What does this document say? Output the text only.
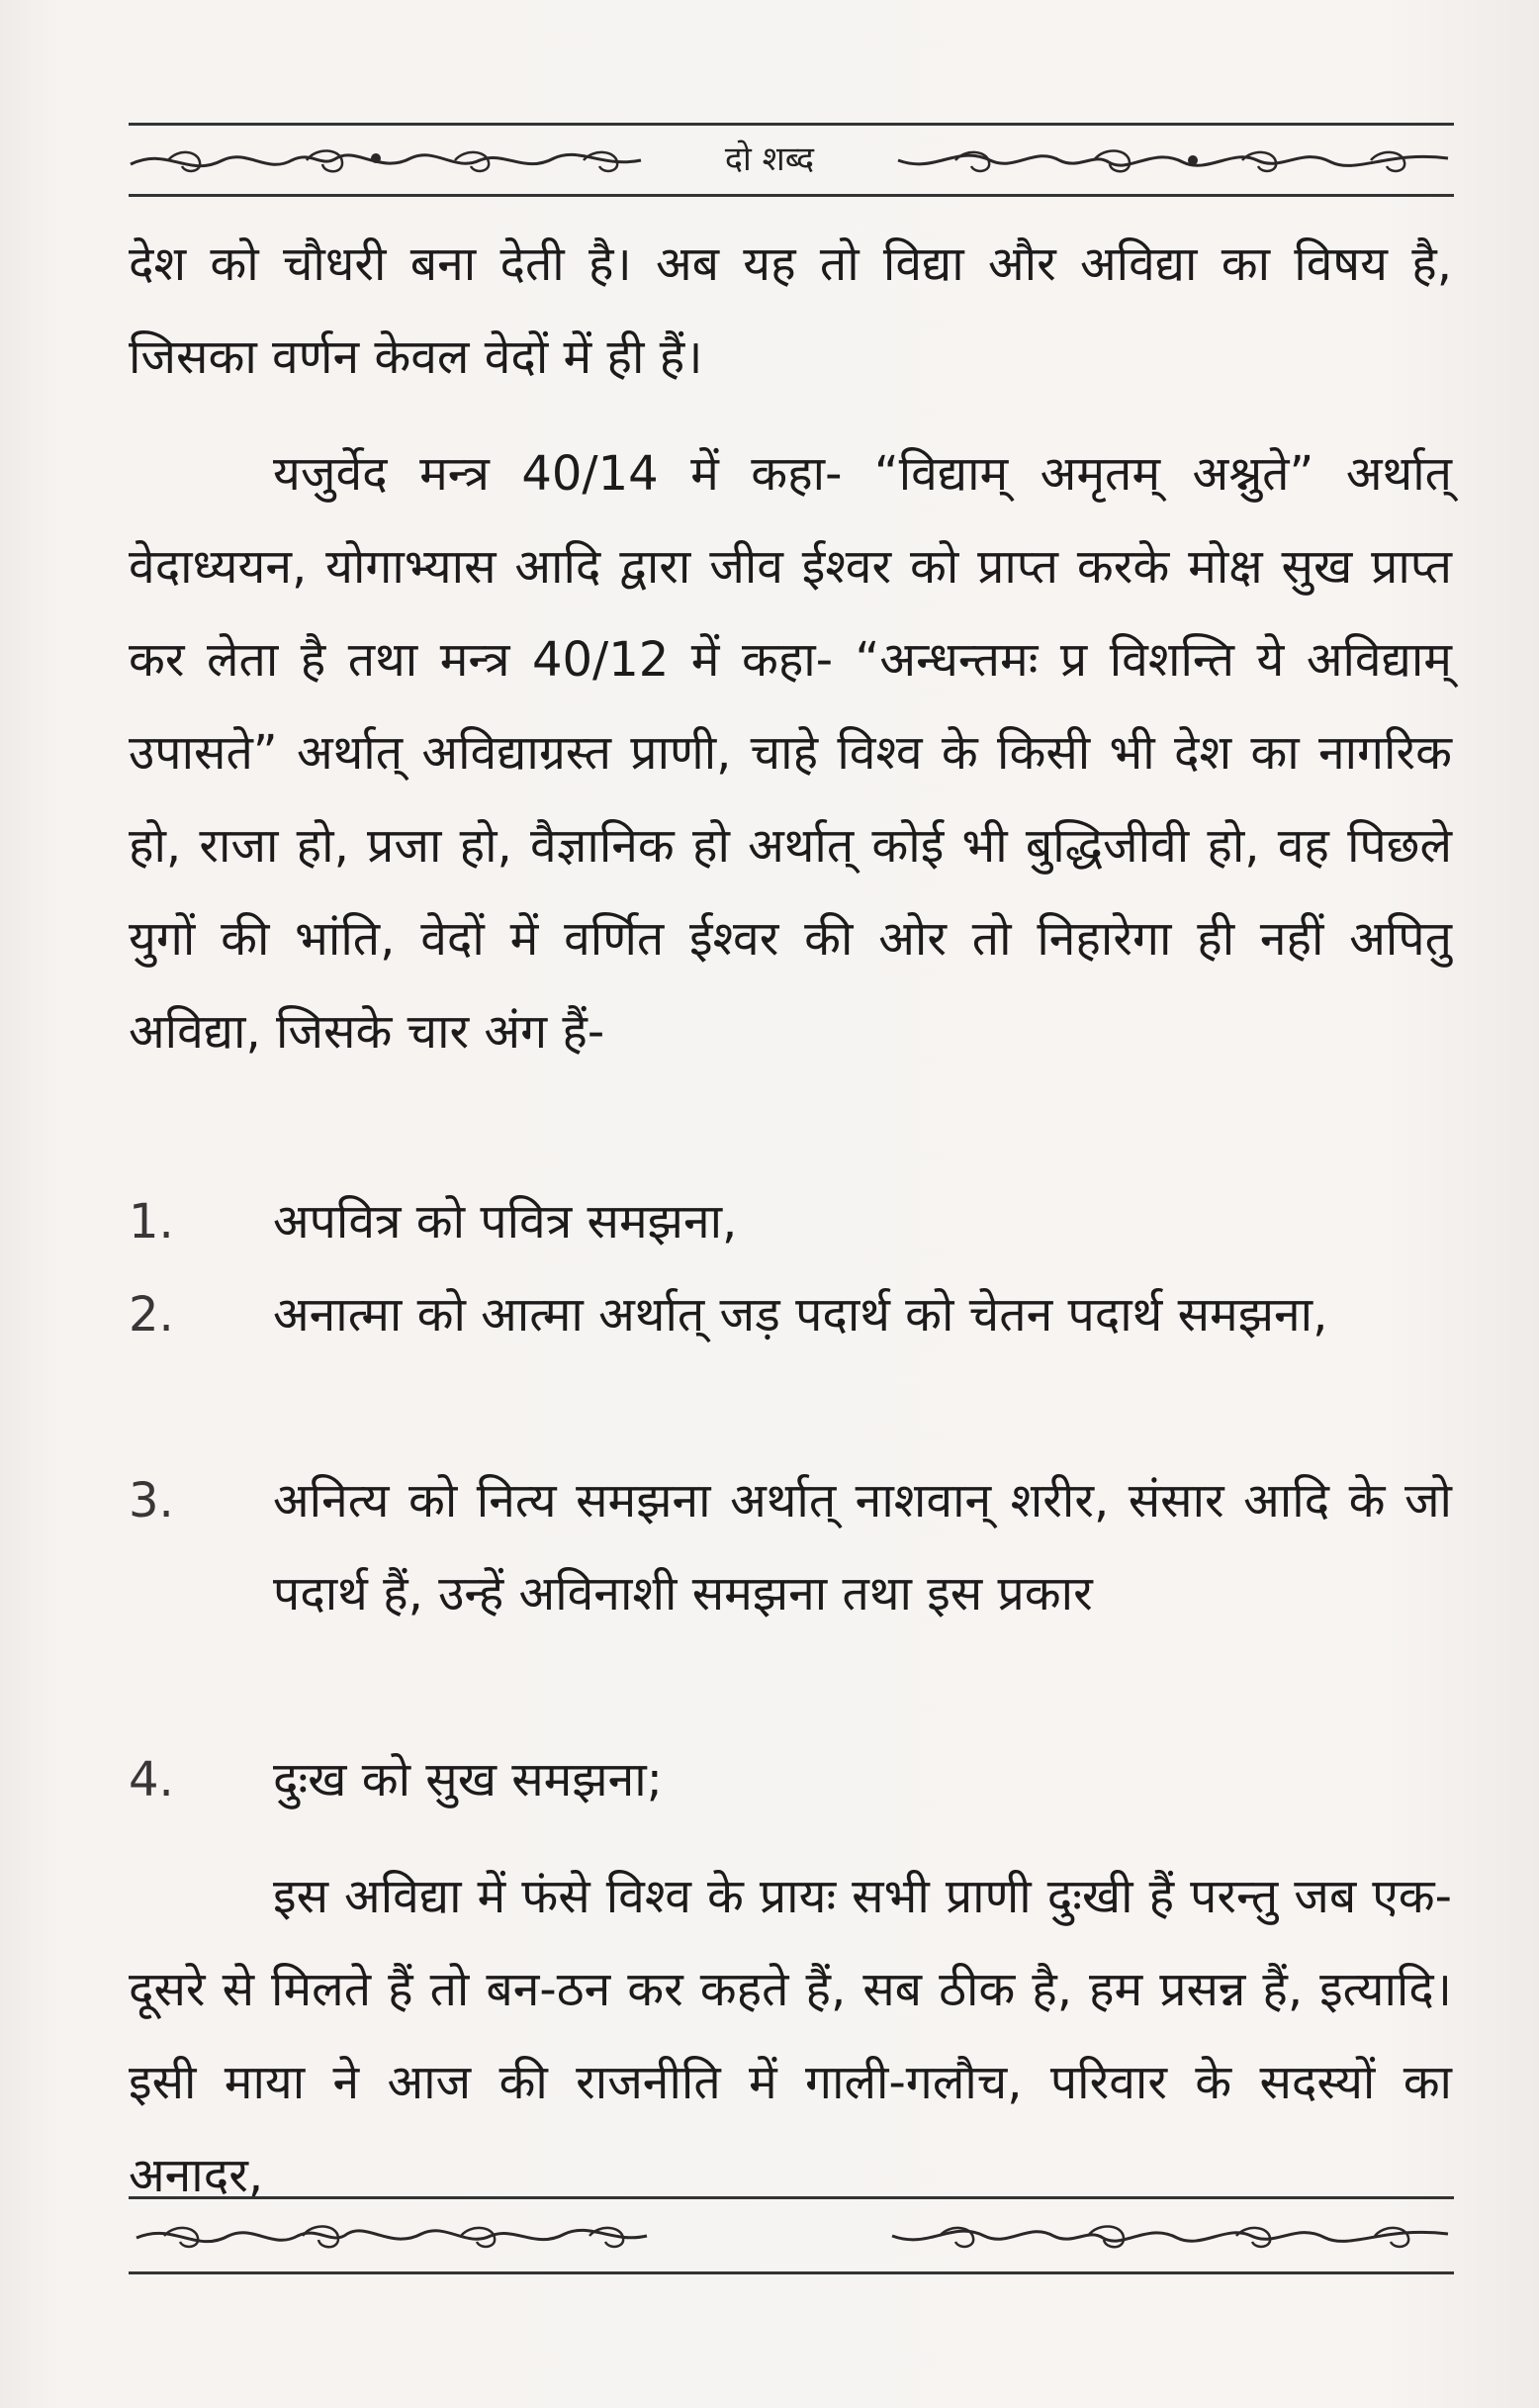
दो शब्द

देश को चौधरी बना देती है। अब यह तो विद्या और अविद्या का विषय है, जिसका वर्णन केवल वेदों में ही हैं।

यजुर्वेद मन्त्र 40/14 में कहा- “विद्याम् अमृतम् अश्नुते” अर्थात् वेदाध्ययन, योगाभ्यास आदि द्वारा जीव ईश्वर को प्राप्त करके मोक्ष सुख प्राप्त कर लेता है तथा मन्त्र 40/12 में कहा- “अन्धन्तमः प्र विशन्ति ये अविद्याम् उपासते” अर्थात् अविद्याग्रस्त प्राणी, चाहे विश्व के किसी भी देश का नागरिक हो, राजा हो, प्रजा हो, वैज्ञानिक हो अर्थात् कोई भी बुद्धिजीवी हो, वह पिछले युगों की भांति, वेदों में वर्णित ईश्वर की ओर तो निहारेगा ही नहीं अपितु अविद्या, जिसके चार अंग हैं-

1.	अपवित्र को पवित्र समझना,
2.	अनात्मा को आत्मा अर्थात् जड़ पदार्थ को चेतन पदार्थ समझना,
3.	अनित्य को नित्य समझना अर्थात् नाशवान् शरीर, संसार आदि के जो पदार्थ हैं, उन्हें अविनाशी समझना तथा इस प्रकार
4.	दुःख को सुख समझना;

इस अविद्या में फंसे विश्व के प्रायः सभी प्राणी दुःखी हैं परन्तु जब एक-दूसरे से मिलते हैं तो बन-ठन कर कहते हैं, सब ठीक है, हम प्रसन्न हैं, इत्यादि। इसी माया ने आज की राजनीति में गाली-गलौच, परिवार के सदस्यों का अनादर,
